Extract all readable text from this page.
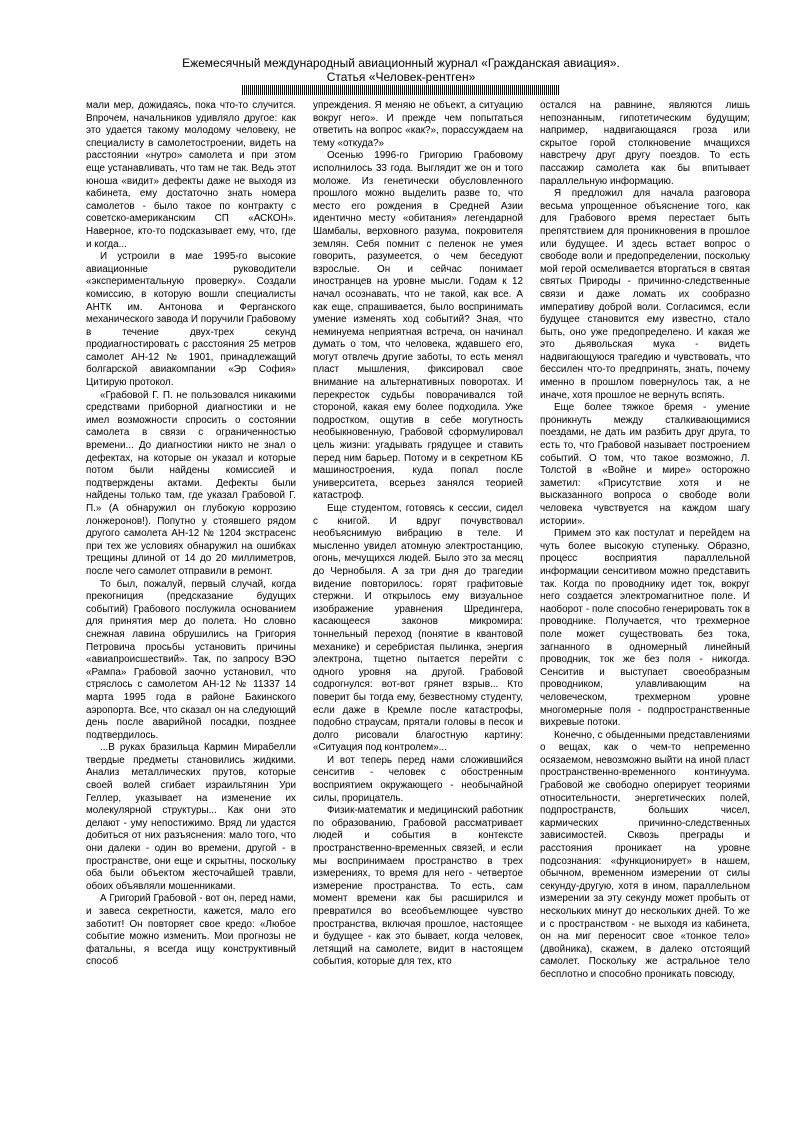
Ежемесячный международный авиационный журнал «Гражданская авиация».
Статья «Человек-рентген»

мали мер, дожидаясь, пока что-то случится. Впрочем, начальников удивляло другое: как это удается такому молодому человеку, не специалисту в самолетостроении, видеть на расстоянии «нутро» самолета и при этом еще устанавливать, что там не так. Ведь этот юноша «видит» дефекты даже не выходя из кабинета, ему достаточно знать номера самолетов - было такое по контракту с советско-американским СП «АСКОН». Наверное, кто-то подсказывает ему, что, где и когда...

И устроили в мае 1995-го высокие авиационные руководители «экспериментальную проверку». Создали комиссию, в которую вошли специалисты АНТК им. Антонова и Ферганского механического завода И поручили Грабовому в течение двух-трех секунд продиагностировать с расстояния 25 метров самолет АН-12 № 1901, принадлежащий болгарской авиакомпании «Эр София» Цитирую протокол.

«Грабовой Г. П. не пользовался никакими средствами приборной диагностики и не имел возможности спросить о состоянии самолета в связи с ограниченностью времени... До диагностики никто не знал о дефектах, на которые он указал и которые потом были найдены комиссией и подтверждены актами. Дефекты были найдены только там, где указал Грабовой Г. П.» (А обнаружил он глубокую коррозию лонжеронов!). Попутно у стоявшего рядом другого самолета АН-12 № 1204 экстрасенс при тех же условиях обнаружил на ошибках трещины длиной от 14 до 20 миллиметров, после чего самолет отправили в ремонт.

То был, пожалуй, первый случай, когда прекогниция (предсказание будущих событий) Грабового послужила основанием для принятия мер до полета. Но словно снежная лавина обрушились на Григория Петровича просьбы установить причины «авиапроисшествий». Так, по запросу ВЭО «Рампа» Грабовой заочно установил, что стряслось с самолетом АН-12 № 11337 14 марта 1995 года в районе Бакинского аэропорта. Все, что сказал он на следующий день после аварийной посадки, позднее подтвердилось.

...В руках бразильца Кармин Мирабелли твердые предметы становились жидкими. Анализ металлических прутов, которые своей волей сгибает израильтянин Ури Геллер, указывает на изменение их молекулярной структуры... Как они это делают - уму непостижимо. Вряд ли удастся добиться от них разъяснения: мало того, что они далеки - один во времени, другой - в пространстве, они еще и скрытны, поскольку оба были объектом жесточайшей травли, обоих объявляли мошенниками.

А Григорий Грабовой - вот он, перед нами, и завеса секретности, кажется, мало его заботит! Он повторяет свое кредо: «Любое событие можно изменить. Мои прогнозы не фатальны, я всегда ищу конструктивный способ

упреждения. Я меняю не объект, а ситуацию вокруг него». И прежде чем попытаться ответить на вопрос «как?», порассуждаем на тему «откуда?»

Осенью 1996-го Григорию Грабовому исполнилось 33 года. Выглядит же он и того моложе. Из генетически обусловленного прошлого можно выделить разве то, что место его рождения в Средней Азии идентично месту «обитания» легендарной Шамбалы, верховного разума, покровителя землян. Себя помнит с пеленок не умея говорить, разумеется, о чем беседуют взрослые. Он и сейчас понимает иностранцев на уровне мысли. Годам к 12 начал осознавать, что не такой, как все. А как еще, спрашивается, было воспринимать умение изменять ход событий? Зная, что неминуема неприятная встреча, он начинал думать о том, что человека, ждавшего его, могут отвлечь другие заботы, то есть менял пласт мышления, фиксировал свое внимание на альтернативных поворотах. И перекресток судьбы поворачивался той стороной, какая ему более подходила. Уже подростком, ощутив в себе могутность необыкновенную, Грабовой сформулировал цель жизни: угадывать грядущее и ставить перед ним барьер. Потому и в секретном КБ машиностроения, куда попал после университета, всерьез занялся теорией катастроф.

Еще студентом, готовясь к сессии, сидел с книгой. И вдруг почувствовал необъяснимую вибрацию в теле. И мысленно увидел атомную электростанцию, огонь, мечущихся людей. Было это за месяц до Чернобыля. А за три дня до трагедии видение повторилось: горят графитовые стержни. И открылось ему визуальное изображение уравнения Шредингера, касающееся законов микромира: тоннельный переход (понятие в квантовой механике) и серебристая пылинка, энергия электрона, тщетно пытается перейти с одного уровня на другой. Грабовой содрогнулся: вот-вот грянет взрыв... Кто поверит бы тогда ему, безвестному студенту, если даже в Кремле после катастрофы, подобно страусам, прятали головы в песок и долго рисовали благостную картину: «Ситуация под контролем»...

И вот теперь перед нами сложившийся сенситив - человек с обостренным восприятием окружающего - необычайной силы, прорицатель.

Физик-математик и медицинский работник по образованию, Грабовой рассматривает людей и события в контексте пространственно-временных связей, и если мы воспринимаем пространство в трех измерениях, то время для него - четвертое измерение пространства. То есть, сам момент времени как бы расширился и превратился во всеобъемлющее чувство пространства, включая прошлое, настоящее и будущее - как это бывает, когда человек, летящий на самолете, видит в настоящем события, которые для тех, кто

остался на равнине, являются лишь непознанным, гипотетическим будущим; например, надвигающаяся гроза или скрытое горой столкновение мчащихся навстречу друг другу поездов. То есть пассажир самолета как бы впитывает параллельную информацию.

Я предложил для начала разговора весьма упрощенное объяснение того, как для Грабового время перестает быть препятствием для проникновения в прошлое или будущее. И здесь встает вопрос о свободе воли и предопределении, поскольку мой герой осмеливается вторгаться в святая святых Природы - причинно-следственные связи и даже ломать их сообразно императиву доброй воли. Согласимся, если будущее становится ему известно, стало быть, оно уже предопределено. И какая же это дьявольская мука - видеть надвигающуюся трагедию и чувствовать, что бессилен что-то предпринять, знать, почему именно в прошлом повернулось так, а не иначе, хотя прошлое не вернуть вспять.

Еще более тяжкое бремя - умение проникнуть между сталкивающимися поездами, не дать им разбить друг друга, то есть то, что Грабовой называет построением событий. О том, что такое возможно, Л. Толстой в «Войне и мире» осторожно заметил: «Присутствие хотя и не высказанного вопроса о свободе воли человека чувствуется на каждом шагу истории».

Примем это как постулат и перейдем на чуть более высокую ступеньку. Образно, процесс восприятия параллельной информации сенситивом можно представить так. Когда по проводнику идет ток, вокруг него создается электромагнитное поле. И наоборот - поле способно генерировать ток в проводнике. Получается, что трехмерное поле может существовать без тока, загнанного в одномерный линейный проводник, ток же без поля - никогда. Сенситив и выступает своеобразным проводником, улавливающим на человеческом, трехмерном уровне многомерные поля - подпространственные вихревые потоки.

Конечно, с обыденными представлениями о вещах, как о чем-то непременно осязаемом, невозможно выйти на иной пласт пространственно-временного континуума. Грабовой же свободно оперирует теориями относительности, энергетических полей, подпространств, больших чисел, кармических причинно-следственных зависимостей. Сквозь преграды и расстояния проникает на уровне подсознания: «функционирует» в нашем, обычном, временном измерении от силы секунду-другую, хотя в ином, параллельном измерении за эту секунду может пробыть от нескольких минут до нескольких дней. То же и с пространством - не выходя из кабинета, он на миг переносит свое «тонкое тело» (двойника), скажем, в далеко отстоящий самолет. Поскольку же астральное тело бесплотно и способно проникать повсюду,
